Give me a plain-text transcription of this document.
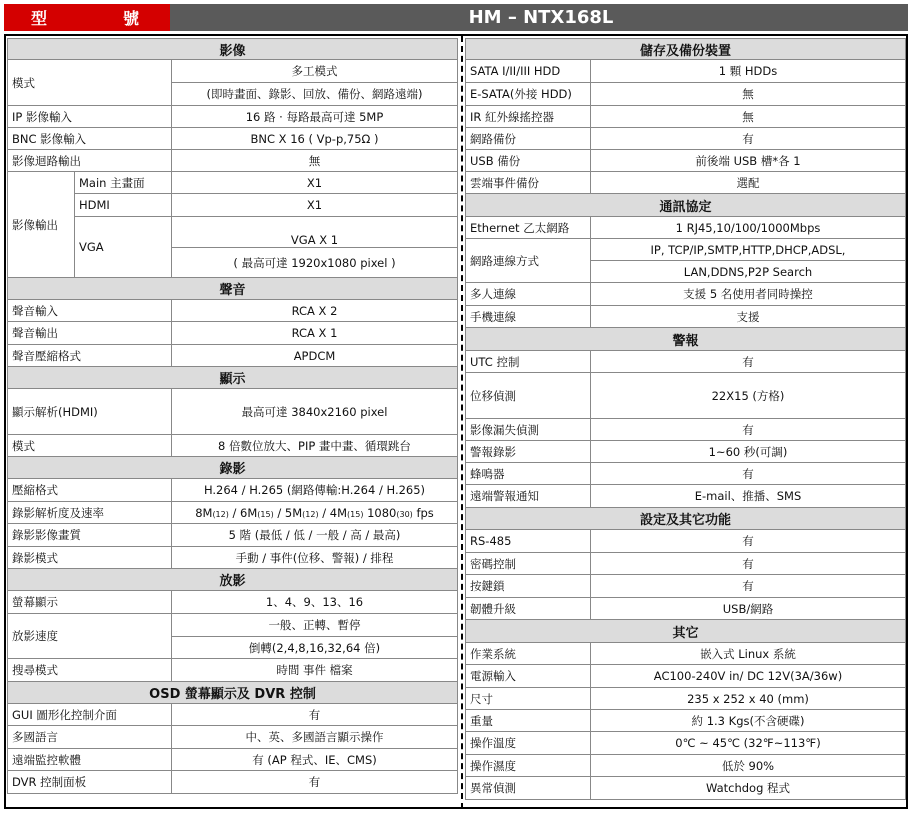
型　號	HM – NTX168L
影像		
模式		多工模式
		(即時畫面、錄影、回放、備份、網路遠端)
IP 影像輸入		16 路 · 每路最高可達 5MP
BNC 影像輸入		BNC X 16 ( Vp-p,75Ω )
影像迴路輸出		無
影像輸出	Main 主畫面	X1
	HDMI	X1
	VGA	VGA X 1
		( 最高可達 1920x1080 pixel )
聲音		
聲音輸入		RCA X 2
聲音輸出		RCA X 1
聲音壓縮格式		APDCM
顯示		
顯示解析(HDMI)		最高可達 3840x2160 pixel
模式		8 倍數位放大、PIP 畫中畫、循環跳台
錄影		
壓縮格式		H.264 / H.265 (網路傳輸:H.264 / H.265)
錄影解析度及速率		8M(12) / 6M(15) / 5M(12) / 4M(15) 1080(30) fps
錄影影像畫質		5 階 (最低 / 低 / 一般 / 高 / 最高)
錄影模式		手動 / 事件(位移、警報) / 排程
放影		
螢幕顯示		1、4、9、13、16
放影速度		一般、正轉、暫停
		倒轉(2,4,8,16,32,64 倍)
搜尋模式		時間 事件 檔案
OSD 螢幕顯示及 DVR 控制		
GUI 圖形化控制介面		有
多國語言		中、英、多國語言顯示操作
遠端監控軟體		有 (AP 程式、IE、CMS)
DVR 控制面板		有
儲存及備份裝置	
SATA I/II/III HDD	1 顆 HDDs
E-SATA(外接 HDD)	無
IR 紅外線搖控器	無
網路備份	有
USB 備份	前後端 USB 槽*各 1
雲端事件備份	選配
通訊協定	
Ethernet 乙太網路	1 RJ45,10/100/1000Mbps
網路連線方式	IP, TCP/IP,SMTP,HTTP,DHCP,ADSL,
	LAN,DDNS,P2P Search
多人連線	支援 5 名使用者同時操控
手機連線	支援
警報	
UTC 控制	有
位移偵測	22X15 (方格)
影像漏失偵測	有
警報錄影	1~60 秒(可調)
蜂鳴器	有
遠端警報通知	E-mail、推播、SMS
設定及其它功能	
RS-485	有
密碼控制	有
按鍵鎖	有
韌體升級	USB/網路
其它	
作業系統	嵌入式 Linux 系統
電源輸入	AC100-240V in/ DC 12V(3A/36w)
尺寸	235 x 252 x 40 (mm)
重量	約 1.3 Kgs(不含硬碟)
操作溫度	0℃ ~ 45℃ (32℉~113℉)
操作濕度	低於 90%
異常偵測	Watchdog 程式
